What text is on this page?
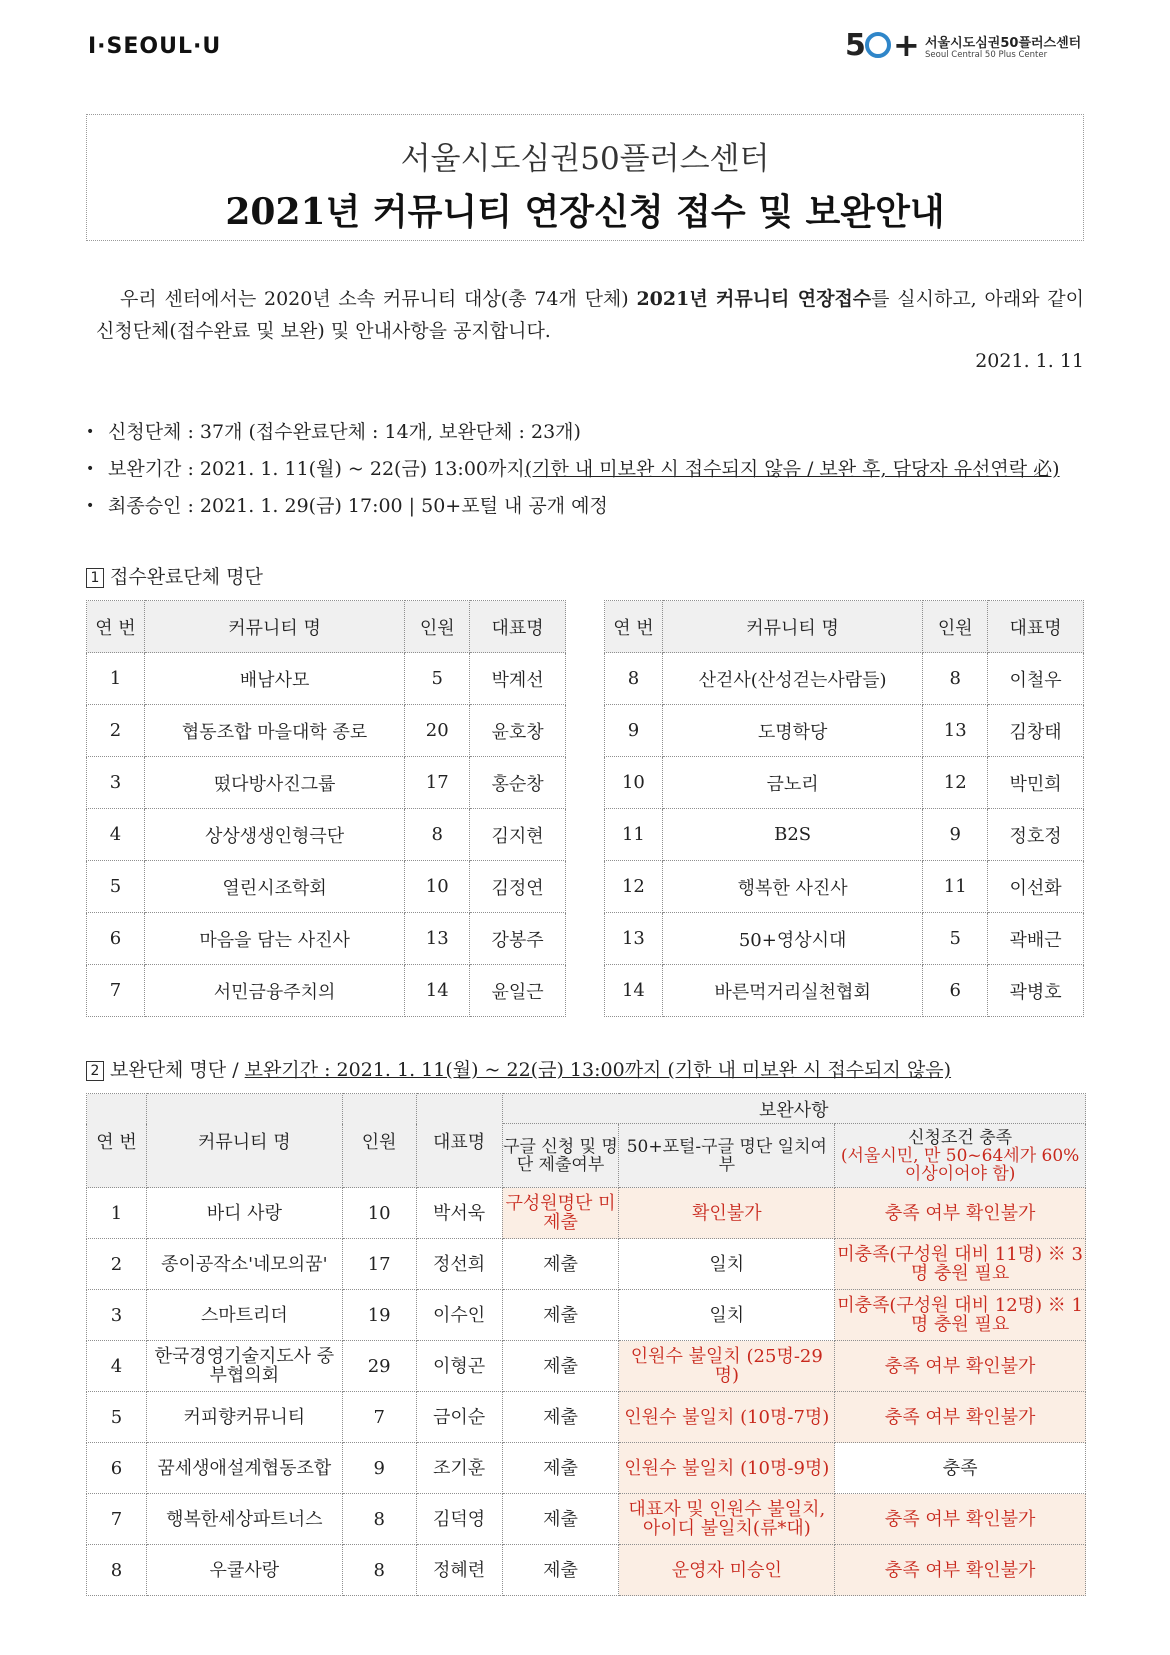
I·SEOUL·U	5 + 서울시도심권50플러스센터
Seoul Central 50 Plus Center
서울시도심권50플러스센터
2021년 커뮤니티 연장신청 접수 및 보완안내
우리 센터에서는 2020년 소속 커뮤니티 대상(총 74개 단체) 2021년 커뮤니티 연장접수를 실시하고, 아래와 같이 신청단체(접수완료 및 보완) 및 안내사항을 공지합니다.
2021. 1. 11
• 신청단체 : 37개 (접수완료단체 : 14개, 보완단체 : 23개)
• 보완기간 : 2021. 1. 11(월) ~ 22(금) 13:00까지(기한 내 미보완 시 접수되지 않음 / 보완 후, 담당자 유선연락 必)
• 최종승인 : 2021. 1. 29(금) 17:00 | 50+포털 내 공개 예정
1 접수완료단체 명단
연 번	커뮤니티 명	인원	대표명
1	배남사모	5	박계선
2	협동조합 마을대학 종로	20	윤호창
3	떴다방사진그룹	17	홍순창
4	상상생생인형극단	8	김지현
5	열린시조학회	10	김정연
6	마음을 담는 사진사	13	강봉주
7	서민금융주치의	14	윤일근
연 번	커뮤니티 명	인원	대표명
8	산걷사(산성걷는사람들)	8	이철우
9	도명학당	13	김창태
10	금노리	12	박민희
11	B2S	9	정호정
12	행복한 사진사	11	이선화
13	50+영상시대	5	곽배근
14	바른먹거리실천협회	6	곽병호
2 보완단체 명단 / 보완기간 : 2021. 1. 11(월) ~ 22(금) 13:00까지 (기한 내 미보완 시 접수되지 않음)
연 번	커뮤니티 명	인원	대표명	보완사항		
				구글 신청 및 명단 제출여부	50+포털-구글 명단 일치여부	신청조건 충족
(서울시민, 만 50~64세가 60% 이상이어야 함)

1	바디 사랑	10	박서욱	구성원명단 미제출	확인불가	충족 여부 확인불가
2	종이공작소'네모의꿈'	17	정선희	제출	일치	미충족(구성원 대비 11명) ※ 3명 충원 필요
3	스마트리더	19	이수인	제출	일치	미충족(구성원 대비 12명) ※ 1명 충원 필요
4	한국경영기술지도사 중부협의회	29	이형곤	제출	인원수 불일치 (25명-29명)	충족 여부 확인불가
5	커피향커뮤니티	7	금이순	제출	인원수 불일치 (10명-7명)	충족 여부 확인불가
6	꿈세생애설계협동조합	9	조기훈	제출	인원수 불일치 (10명-9명)	충족
7	행복한세상파트너스	8	김덕영	제출	대표자 및 인원수 불일치, 아이디 불일치(류*대)	충족 여부 확인불가
8	우쿨사랑	8	정혜련	제출	운영자 미승인	충족 여부 확인불가
